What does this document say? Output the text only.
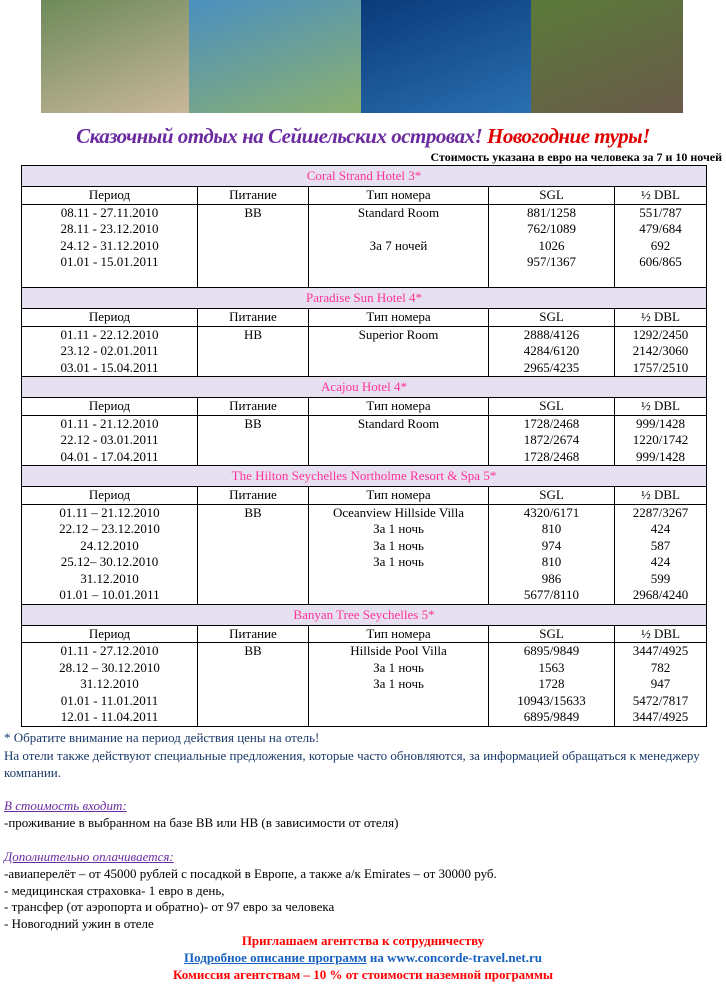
Сказочный отдых на Сейшельских островах! Новогодние туры!
Стоимость указана в евро на человека за 7 и 10 ночей
Coral Strand Hotel 3*				
Период	Питание	Тип номера	SGL	½ DBL
08.11 - 27.11.2010	BB	Standard Room	881/1258	551/787
28.11 - 23.12.2010			762/1089	479/684
24.12 - 31.12.2010		За 7 ночей	1026	692
01.01 - 15.01.2011			957/1367	606/865

Paradise Sun Hotel 4*				
Период	Питание	Тип номера	SGL	½ DBL
01.11 - 22.12.2010	HB	Superior Room	2888/4126	1292/2450
23.12 - 02.01.2011			4284/6120	2142/3060
03.01 - 15.04.2011			2965/4235	1757/2510
Acajou Hotel 4*				
Период	Питание	Тип номера	SGL	½ DBL
01.11 - 21.12.2010	BB	Standard Room	1728/2468	999/1428
22.12 - 03.01.2011			1872/2674	1220/1742
04.01 - 17.04.2011			1728/2468	999/1428
The Hilton Seychelles Northolme Resort & Spa 5*				
Период	Питание	Тип номера	SGL	½ DBL
01.11 – 21.12.2010	BB	Oceanview Hillside Villa	4320/6171	2287/3267
22.12 – 23.12.2010		За 1 ночь	810	424
24.12.2010		За 1 ночь	974	587
25.12– 30.12.2010		За 1 ночь	810	424
31.12.2010			986	599
01.01 – 10.01.2011			5677/8110	2968/4240
Banyan Tree Seychelles 5*				
Период	Питание	Тип номера	SGL	½ DBL
01.11 - 27.12.2010	BB	Hillside Pool Villa	6895/9849	3447/4925
28.12 – 30.12.2010		За 1 ночь	1563	782
31.12.2010		За 1 ночь	1728	947
01.01 - 11.01.2011			10943/15633	5472/7817
12.01 - 11.04.2011			6895/9849	3447/4925
* Обратите внимание на период действия цены на отель!
На отели также действуют специальные предложения, которые часто обновляются, за информацией обращаться к менеджеру компании.
В стоимость входит:
-проживание в выбранном на базе BB или HB (в зависимости от отеля)
Дополнительно оплачивается:
-авиаперелёт – от 45000 рублей с посадкой в Европе, а также а/к Emirates – от 30000 руб.
- медицинская страховка- 1 евро в день,
- трансфер (от аэропорта и обратно)- от 97 евро за человека
- Новогодний ужин в отеле
Приглашаем агентства к сотрудничеству
Подробное описание программ на www.concorde-travel.net.ru
Комиссия агентствам – 10 % от стоимости наземной программы
